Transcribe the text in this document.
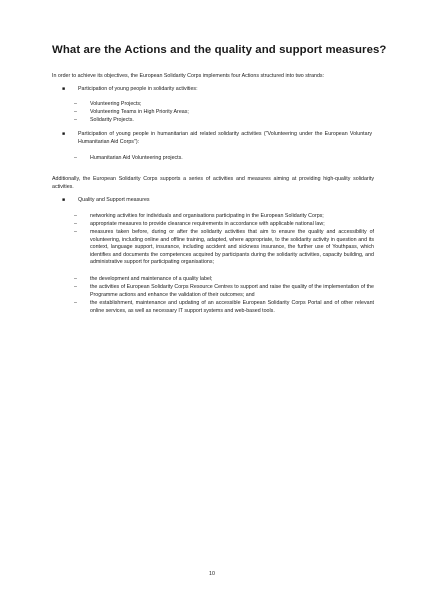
What are the Actions and the quality and support measures?
In order to achieve its objectives, the European Solidarity Corps implements four Actions structured into two strands:
■	Participation of young people in solidarity activities:
–	Volunteering Projects;
–	Volunteering Teams in High Priority Areas;
–	Solidarity Projects.
■	Participation of young people in humanitarian aid related solidarity activities ("Volunteering under the European Voluntary Humanitarian Aid Corps"):
–	Humanitarian Aid Volunteering projects.
Additionally, the European Solidarity Corps supports a series of activities and measures aiming at providing high-quality solidarity activities.
■	Quality and Support measures
–	networking activities for individuals and organisations participating in the European Solidarity Corps;
–	appropriate measures to provide clearance requirements in accordance with applicable national law;
–	measures taken before, during or after the solidarity activities that aim to ensure the quality and accessibility of volunteering, including online and offline training, adapted, where appropriate, to the solidarity activity in question and its context, language support, insurance, including accident and sickness insurance, the further use of Youthpass, which identifies and documents the competences acquired by participants during the solidarity activities, capacity building, and administrative support for participating organisations;
–	the development and maintenance of a quality label;
–	the activities of European Solidarity Corps Resource Centres to support and raise the quality of the implementation of the Programme actions and enhance the validation of their outcomes; and
–	the establishment, maintenance and updating of an accessible European Solidarity Corps Portal and of other relevant online services, as well as necessary IT support systems and web-based tools.
10
